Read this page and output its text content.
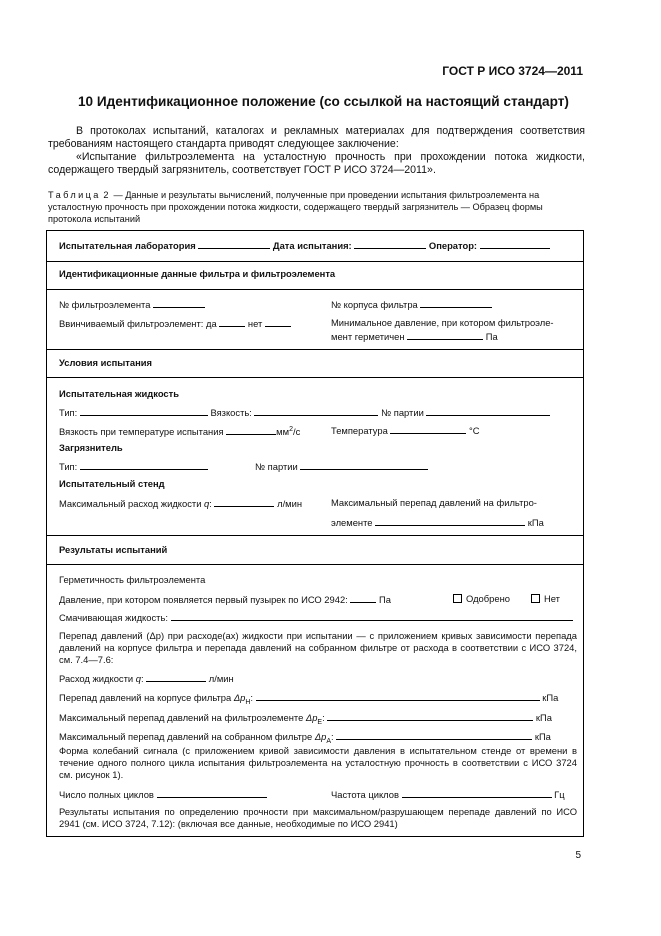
ГОСТ Р ИСО 3724—2011
10 Идентификационное положение (со ссылкой на настоящий стандарт)
В протоколах испытаний, каталогах и рекламных материалах для подтверждения соответствия требованиям настоящего стандарта приводят следующее заключение:
«Испытание фильтроэлемента на усталостную прочность при прохождении потока жидкости, содержащего твердый загрязнитель, соответствует ГОСТ Р ИСО 3724—2011».
Таблица 2 — Данные и результаты вычислений, полученные при проведении испытания фильтроэлемента на усталостную прочность при прохождении потока жидкости, содержащего твердый загрязнитель — Образец формы протокола испытаний
Испытательная лаборатория	Дата испытания:	Оператор:
Идентификационные данные фильтра и фильтроэлемента
№ фильтроэлемента	№ корпуса фильтра
Ввинчиваемый фильтроэлемент: да	нет	Минимальное давление, при котором фильтроэле-
мент герметичен	Па
Условия испытания
Испытательная жидкость
Тип:	Вязкость:	№ партии
Вязкость при температуре испытания	$мм^2/с$	Температура	°С
Загрязнитель
Тип:	№ партии
Испытательный стенд
Максимальный расход жидкости q:	л/мин	Максимальный перепад давлений на фильтро-
элементе	кПа
Результаты испытаний
Герметичность фильтроэлемента
Давление, при котором появляется первый пузырек по ИСО 2942:	Па	Одобрено	Нет
Смачивающая жидкость:
Перепад давлений (Δp) при расходе(ах) жидкости при испытании — с приложением кривых зависимости перепада давлений на корпусе фильтра и перепада давлений на собранном фильтре от расхода в соответствии с ИСО 3724, см. 7.4—7.6:
Расход жидкости q:	л/мин
Перепад давлений на корпусе фильтра $\Delta p_H$:	кПа
Максимальный перепад давлений на фильтроэлементе $\Delta p_E$:	кПа
Максимальный перепад давлений на собранном фильтре $\Delta p_A$:	кПа
Форма колебаний сигнала (с приложением кривой зависимости давления в испытательном стенде от времени в течение одного полного цикла испытания фильтроэлемента на усталостную прочность в соответствии с ИСО 3724 см. рисунок 1).
Число полных циклов	Частота циклов	Гц
Результаты испытания по определению прочности при максимальном/разрушающем перепаде давлений по ИСО 2941 (см. ИСО 3724, 7.12): (включая все данные, необходимые по ИСО 2941)
5
